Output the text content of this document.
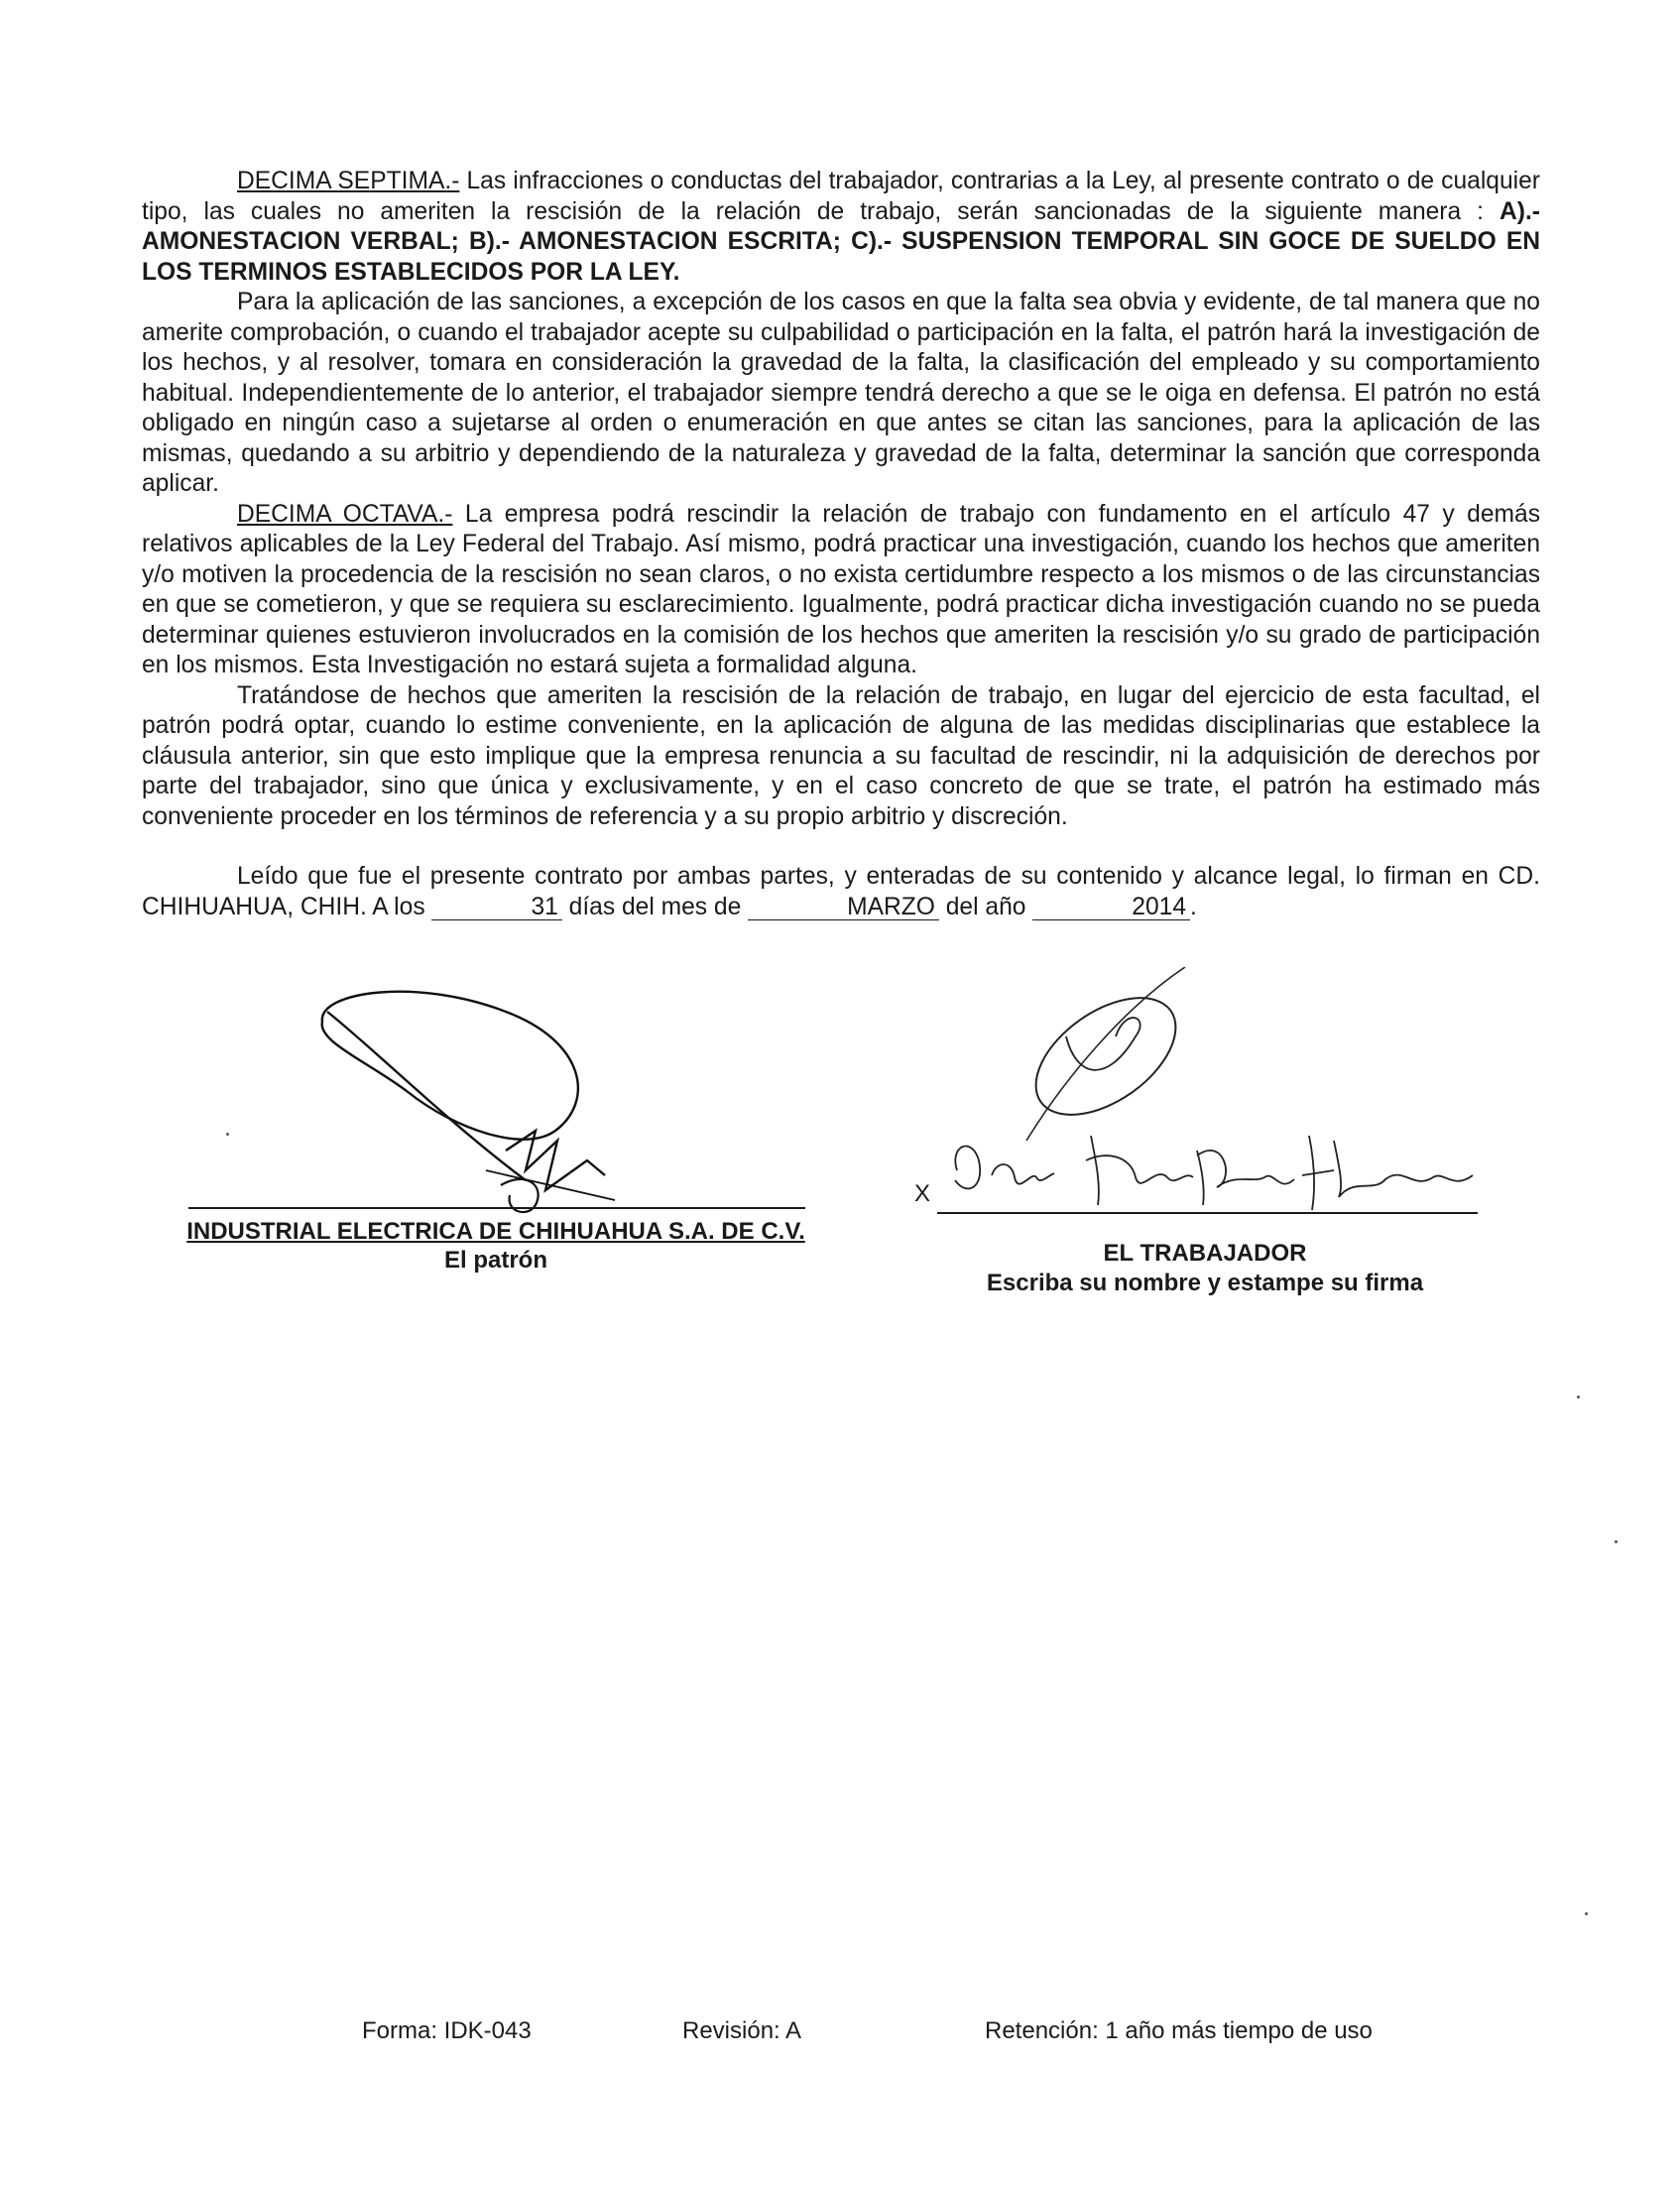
DECIMA SEPTIMA.- Las infracciones o conductas del trabajador, contrarias a la Ley, al presente contrato o de cualquier tipo, las cuales no ameriten la rescisión de la relación de trabajo, serán sancionadas de la siguiente manera : A).- AMONESTACION VERBAL; B).- AMONESTACION ESCRITA; C).- SUSPENSION TEMPORAL SIN GOCE DE SUELDO EN LOS TERMINOS ESTABLECIDOS POR LA LEY.

Para la aplicación de las sanciones, a excepción de los casos en que la falta sea obvia y evidente, de tal manera que no amerite comprobación, o cuando el trabajador acepte su culpabilidad o participación en la falta, el patrón hará la investigación de los hechos, y al resolver, tomara en consideración la gravedad de la falta, la clasificación del empleado y su comportamiento habitual. Independientemente de lo anterior, el trabajador siempre tendrá derecho a que se le oiga en defensa. El patrón no está obligado en ningún caso a sujetarse al orden o enumeración en que antes se citan las sanciones, para la aplicación de las mismas, quedando a su arbitrio y dependiendo de la naturaleza y gravedad de la falta, determinar la sanción que corresponda aplicar.

DECIMA OCTAVA.- La empresa podrá rescindir la relación de trabajo con fundamento en el artículo 47 y demás relativos aplicables de la Ley Federal del Trabajo. Así mismo, podrá practicar una investigación, cuando los hechos que ameriten y/o motiven la procedencia de la rescisión no sean claros, o no exista certidumbre respecto a los mismos o de las circunstancias en que se cometieron, y que se requiera su esclarecimiento. Igualmente, podrá practicar dicha investigación cuando no se pueda determinar quienes estuvieron involucrados en la comisión de los hechos que ameriten la rescisión y/o su grado de participación en los mismos. Esta Investigación no estará sujeta a formalidad alguna.

Tratándose de hechos que ameriten la rescisión de la relación de trabajo, en lugar del ejercicio de esta facultad, el patrón podrá optar, cuando lo estime conveniente, en la aplicación de alguna de las medidas disciplinarias que establece la cláusula anterior, sin que esto implique que la empresa renuncia a su facultad de rescindir, ni la adquisición de derechos por parte del trabajador, sino que única y exclusivamente, y en el caso concreto de que se trate, el patrón ha estimado más conveniente proceder en los términos de referencia y a su propio arbitrio y discreción.

Leído que fue el presente contrato por ambas partes, y enteradas de su contenido y alcance legal, lo firman en CD. CHIHUAHUA, CHIH. A los	31 días del mes de	MARZO del año	2014 .

INDUSTRIAL ELECTRICA DE CHIHUAHUA S.A. DE C.V.
El patrón
X
EL TRABAJADOR
Escriba su nombre y estampe su firma
Forma: IDK-043	Revisión: A	Retención: 1 año más tiempo de uso
